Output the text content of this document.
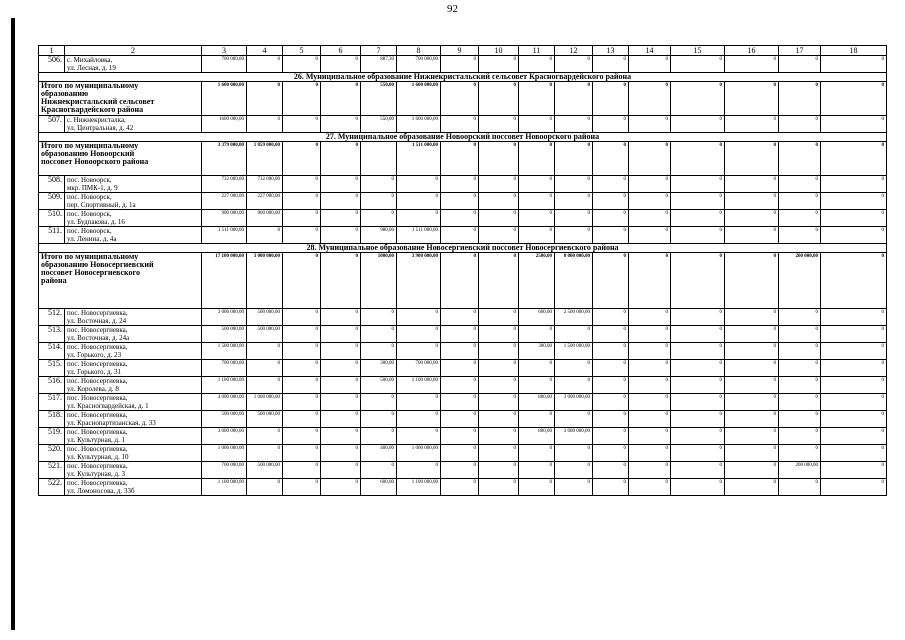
92
1	2	3	4	5	6	7	8	9	10	11	12	13	14	15	16	17	18
506.	с. Михайловка,
ул. Лесная, д. 19	700 000,00	0	0	0	887,30	700 000,00	0	0	0	0	0	0	0	0	0	0
26. Муниципальное образование Нижнекристальский сельсовет Красногвардейского района																	

Итого по муниципальному
образованию
Нижнекристальский сельсовет
Красногвардейского района		1 600 000,00	0	0	0	550,00	1 600 000,00	0	0	0	0	0	0	0	0	0	0
507.	с. Нижнекристалка,
ул. Центральная, д. 42	1600 000,00	0	0	0	550,00	1 600 000,00	0	0	0	0	0	0	0	0	0	0
27. Муниципальное образование Новоорский поссовет Новоорского района																	

Итого по муниципальному
образованию Новоорский
поссовет Новоорского района		3 379 000,00	1 859 000,00	0	0		1 511 000,00	0	0	0	0	0	0	0	0	0	0
508.	пос. Новоорск,
мкр. ПМК-1, д. 9	732 000,00	732 000,00	0	0	0	0	0	0	0	0	0	0	0	0	0	0
509.	пос. Новоорск,
пер. Спортивный, д. 1а	227 000,00	227 000,00	0	0	0	0	0	0	0	0	0	0	0	0	0	0
510.	пос. Новоорск,
ул. Будпакова, д. 16	900 000,00	900 000,00	0	0	0	0	0	0	0	0	0	0	0	0	0	0
511.	пос. Новоорск,
ул. Ленина, д. 4а	1 511 000,00	0	0	0	980,00	1 511 000,00	0	0	0	0	0	0	0	0	0	0
28. Муниципальное образование Новосергиевский поссовет Новосергиевского района																	

Итого по муниципальному
образованию Новосергиевский
поссовет Новосергиевского
района		17 100 000,00	3 000 000,00	0	0	1000,00	3 900 000,00	0	0	2500,00	0 000 000,00	0	0	0	0	200 000,00	0
512.	пос. Новосергиевка,
ул. Восточная, д. 24	3 000 000,00	500 000,00	0	0	0	0	0	0	600,00	2 500 000,00	0	0	0	0	0	0
513.	пос. Новосергиевка,
ул. Восточная, д. 24а	500 000,00	500 000,00	0	0	0	0	0	0	0	0	0	0	0	0	0	0
514.	пос. Новосергиевка,
ул. Горького, д. 23	1 500 000,00	0	0	0	0	0	0	0	300,00	1 500 000,00	0	0	0	0	0	0
515.	пос. Новосергиевка,
ул. Горького, д. 31	700 000,00	0	0	0	300,00	700 000,00	0	0	0	0	0	0	0	0	0	0
516.	пос. Новосергиевка,
ул. Королева, д. 8	1 100 000,00	0	0	0	500,00	1 100 000,00	0	0	0	0	0	0	0	0	0	0
517.	пос. Новосергиевка,
ул. Красногвардейская, д. 1	4 000 000,00	1 000 000,00	0	0	0	0	0	0	800,00	3 000 000,00	0	0	0	0	0	0
518.	пос. Новосергиевка,
ул. Краснопартизанская, д. 33	500 000,00	500 000,00	0	0	0	0	0	0	0	0	0	0	0	0	0	0
519.	пос. Новосергиевка,
ул. Культурная, д. 1	3 000 000,00	0	0	0	0	0	0	0	800,00	3 000 000,00	0	0	0	0	0	0
520.	пос. Новосергиевка,
ул. Культурная, д. 10	1 000 000,00	0	0	0	400,00	1 000 000,00	0	0	0	0	0	0	0	0	0	0
521.	пос. Новосергиевка,
ул. Культурная, д. 3	700 000,00	500 000,00	0	0	0	0	0	0	0	0	0	0	0	0	200 000,00	0
522.	пос. Новосергиевка,
ул. Ломоносова, д. 33б	1 100 000,00	0	0	0	600,00	1 100 000,00	0	0	0	0	0	0	0	0	0	0
